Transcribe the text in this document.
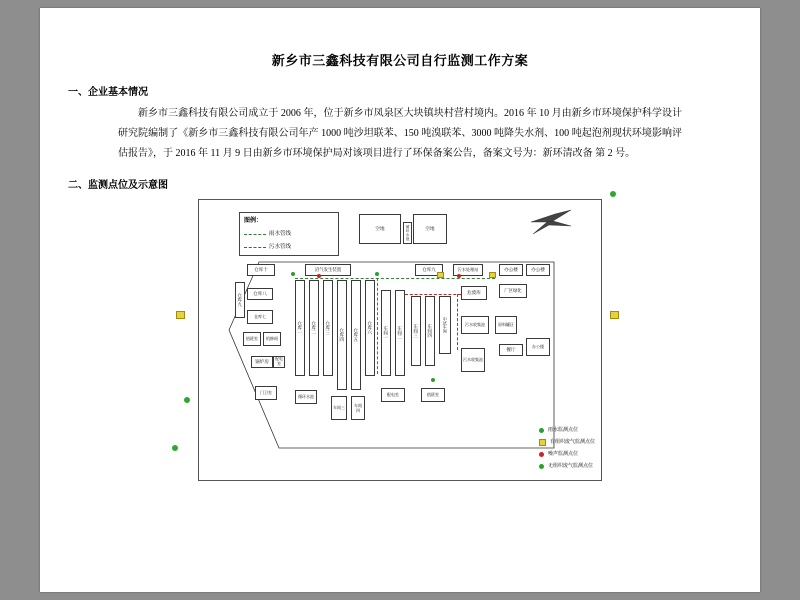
新乡市三鑫科技有限公司自行监测工作方案
一、企业基本情况
新乡市三鑫科技有限公司成立于 2006 年，位于新乡市凤泉区大块镇块村营村境内。2016 年 10 月由新乡市环境保护科学设计研究院编制了《新乡市三鑫科技有限公司年产 1000 吨沙坦联苯、150 吨溴联苯、3000 吨降失水剂、100 吨起泡剂现状环境影响评估报告》，于 2016 年 11 月 9 日由新乡市环境保护局对该项目进行了环保备案公告，备案文号为：新环清改备 第 2 号。
二、监测点位及示意图
图例：
雨水管线
污水管线
空地	空地
循环水池
仓库十	沼气发生装置	仓库九	污水处理站	办公楼	办公楼
仓库九	仓库八
仓库七
值班室	机修间
锅炉房
配电室
门卫室
仓库一	仓库二	仓库三
仓库四	仓库五
仓库六	车间一	车间二	车间三	车间四	中试车间
危废库	厂区绿化
污水收集池	原料罐区
餐厅
办公楼
污水收集池
循环水池
车间三
车间四
配电室	值班室
雨水监测点位
有组织废气监测点位
噪声监测点位
无组织废气监测点位
